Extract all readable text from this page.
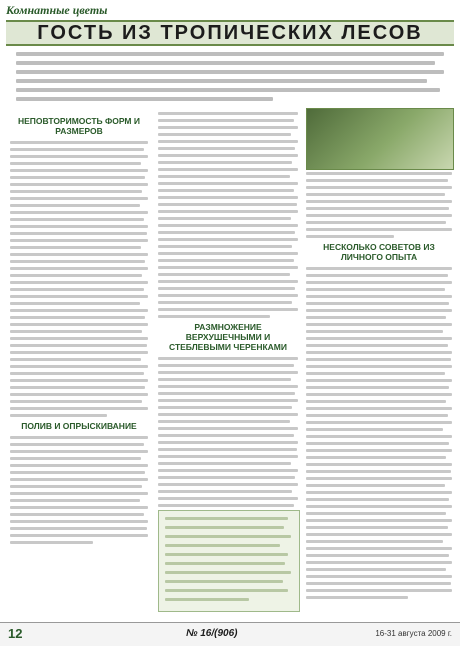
Комнатные цветы
ГОСТЬ ИЗ ТРОПИЧЕСКИХ ЛЕСОВ
НЕПОВТОРИМОСТЬ ФОРМ И РАЗМЕРОВ
ПОЛИВ И ОПРЫСКИВАНИЕ
РАЗМНОЖЕНИЕ ВЕРХУШЕЧНЫМИ И СТЕБЛЕВЫМИ ЧЕРЕНКАМИ
НЕСКОЛЬКО СОВЕТОВ ИЗ ЛИЧНОГО ОПЫТА
12	№ 16/(906)	16-31 августа 2009 г.
